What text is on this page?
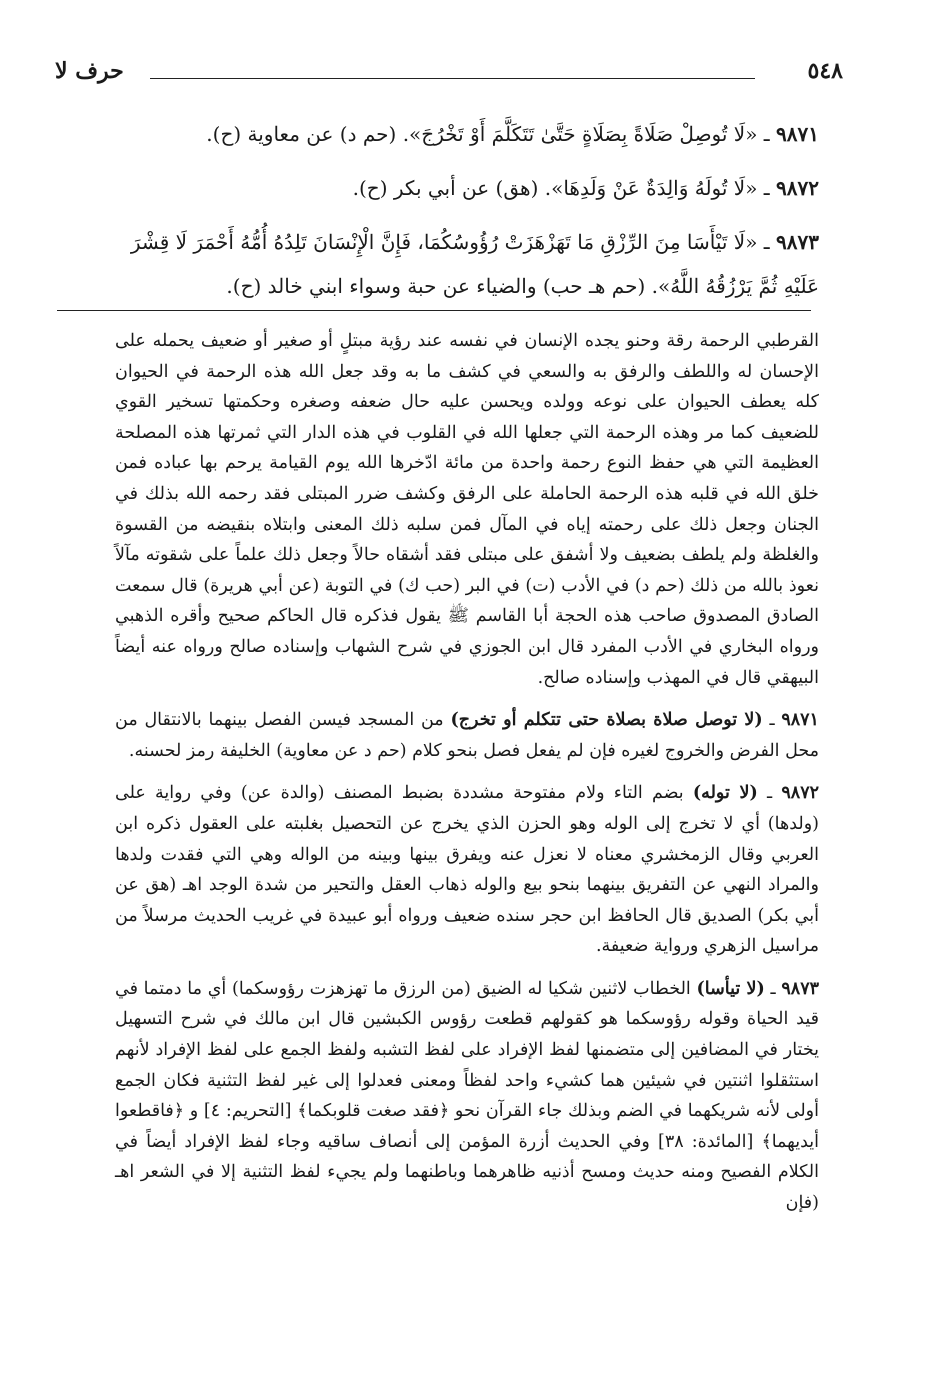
حرف لا	٥٤٨

٩٨٧١ ـ «لَا تُوصِلْ صَلَاةً بِصَلَاةٍ حَتَّىٰ تَتَكَلَّمَ أَوْ تَخْرُجَ». (حم د) عن معاوية (ح).

٩٨٧٢ ـ «لَا تُولَهُ وَالِدَةٌ عَنْ وَلَدِهَا». (هق) عن أبي بكر (ح).

٩٨٧٣ ـ «لَا تَيْأَسَا مِنَ الرِّزْقِ مَا تَهَزْهَزَتْ رُؤُوسُكُمَا، فَإِنَّ الْإِنْسَانَ تَلِدُهُ أُمُّهُ أَحْمَرَ لَا قِشْرَ عَلَيْهِ ثُمَّ يَرْزُقُهُ اللَّهُ». (حم هـ حب) والضياء عن حبة وسواء ابني خالد (ح).

القرطبي الرحمة رقة وحنو يجده الإنسان في نفسه عند رؤية مبتلٍ أو صغير أو ضعيف يحمله على الإحسان له واللطف والرفق به والسعي في كشف ما به وقد جعل الله هذه الرحمة في الحيوان كله يعطف الحيوان على نوعه وولده ويحسن عليه حال ضعفه وصغره وحكمتها تسخير القوي للضعيف كما مر وهذه الرحمة التي جعلها الله في القلوب في هذه الدار التي ثمرتها هذه المصلحة العظيمة التي هي حفظ النوع رحمة واحدة من مائة ادّخرها الله يوم القيامة يرحم بها عباده فمن خلق الله في قلبه هذه الرحمة الحاملة على الرفق وكشف ضرر المبتلى فقد رحمه الله بذلك في الجنان وجعل ذلك على رحمته إياه في المآل فمن سلبه ذلك المعنى وابتلاه بنقيضه من القسوة والغلظة ولم يلطف بضعيف ولا أشفق على مبتلى فقد أشقاه حالاً وجعل ذلك علماً على شقوته مآلاً نعوذ بالله من ذلك (حم د) في الأدب (ت) في البر (حب ك) في التوبة (عن أبي هريرة) قال سمعت الصادق المصدوق صاحب هذه الحجة أبا القاسم ﷺ يقول فذكره قال الحاكم صحيح وأقره الذهبي ورواه البخاري في الأدب المفرد قال ابن الجوزي في شرح الشهاب وإسناده صالح ورواه عنه أيضاً البيهقي قال في المهذب وإسناده صالح.

٩٨٧١ ـ (لا توصل صلاة بصلاة حتى تتكلم أو تخرج) من المسجد فيسن الفصل بينهما بالانتقال من محل الفرض والخروج لغيره فإن لم يفعل فصل بنحو كلام (حم د عن معاوية) الخليفة رمز لحسنه.

٩٨٧٢ ـ (لا توله) بضم التاء ولام مفتوحة مشددة بضبط المصنف (والدة عن) وفي رواية على (ولدها) أي لا تخرج إلى الوله وهو الحزن الذي يخرج عن التحصيل بغلبته على العقول ذكره ابن العربي وقال الزمخشري معناه لا نعزل عنه ويفرق بينها وبينه من الواله وهي التي فقدت ولدها والمراد النهي عن التفريق بينهما بنحو بيع والوله ذهاب العقل والتحير من شدة الوجد اهـ (هق عن أبي بكر) الصديق قال الحافظ ابن حجر سنده ضعيف ورواه أبو عبيدة في غريب الحديث مرسلاً من مراسيل الزهري ورواية ضعيفة.

٩٨٧٣ ـ (لا تيأسا) الخطاب لاثنين شكيا له الضيق (من الرزق ما تهزهزت رؤوسكما) أي ما دمتما في قيد الحياة وقوله رؤوسكما هو كقولهم قطعت رؤوس الكبشين قال ابن مالك في شرح التسهيل يختار في المضافين إلى متضمنها لفظ الإفراد على لفظ التشبه ولفظ الجمع على لفظ الإفراد لأنهم استثقلوا اثنتين في شيئين هما كشيء واحد لفظاً ومعنى فعدلوا إلى غير لفظ التثنية فكان الجمع أولى لأنه شريكهما في الضم وبذلك جاء القرآن نحو ﴿فقد صغت قلوبكما﴾ [التحريم: ٤] و ﴿فاقطعوا أيديهما﴾ [المائدة: ٣٨] وفي الحديث أزرة المؤمن إلى أنصاف ساقيه وجاء لفظ الإفراد أيضاً في الكلام الفصيح ومنه حديث ومسح أذنيه ظاهرهما وباطنهما ولم يجيء لفظ التثنية إلا في الشعر اهـ (فإن
